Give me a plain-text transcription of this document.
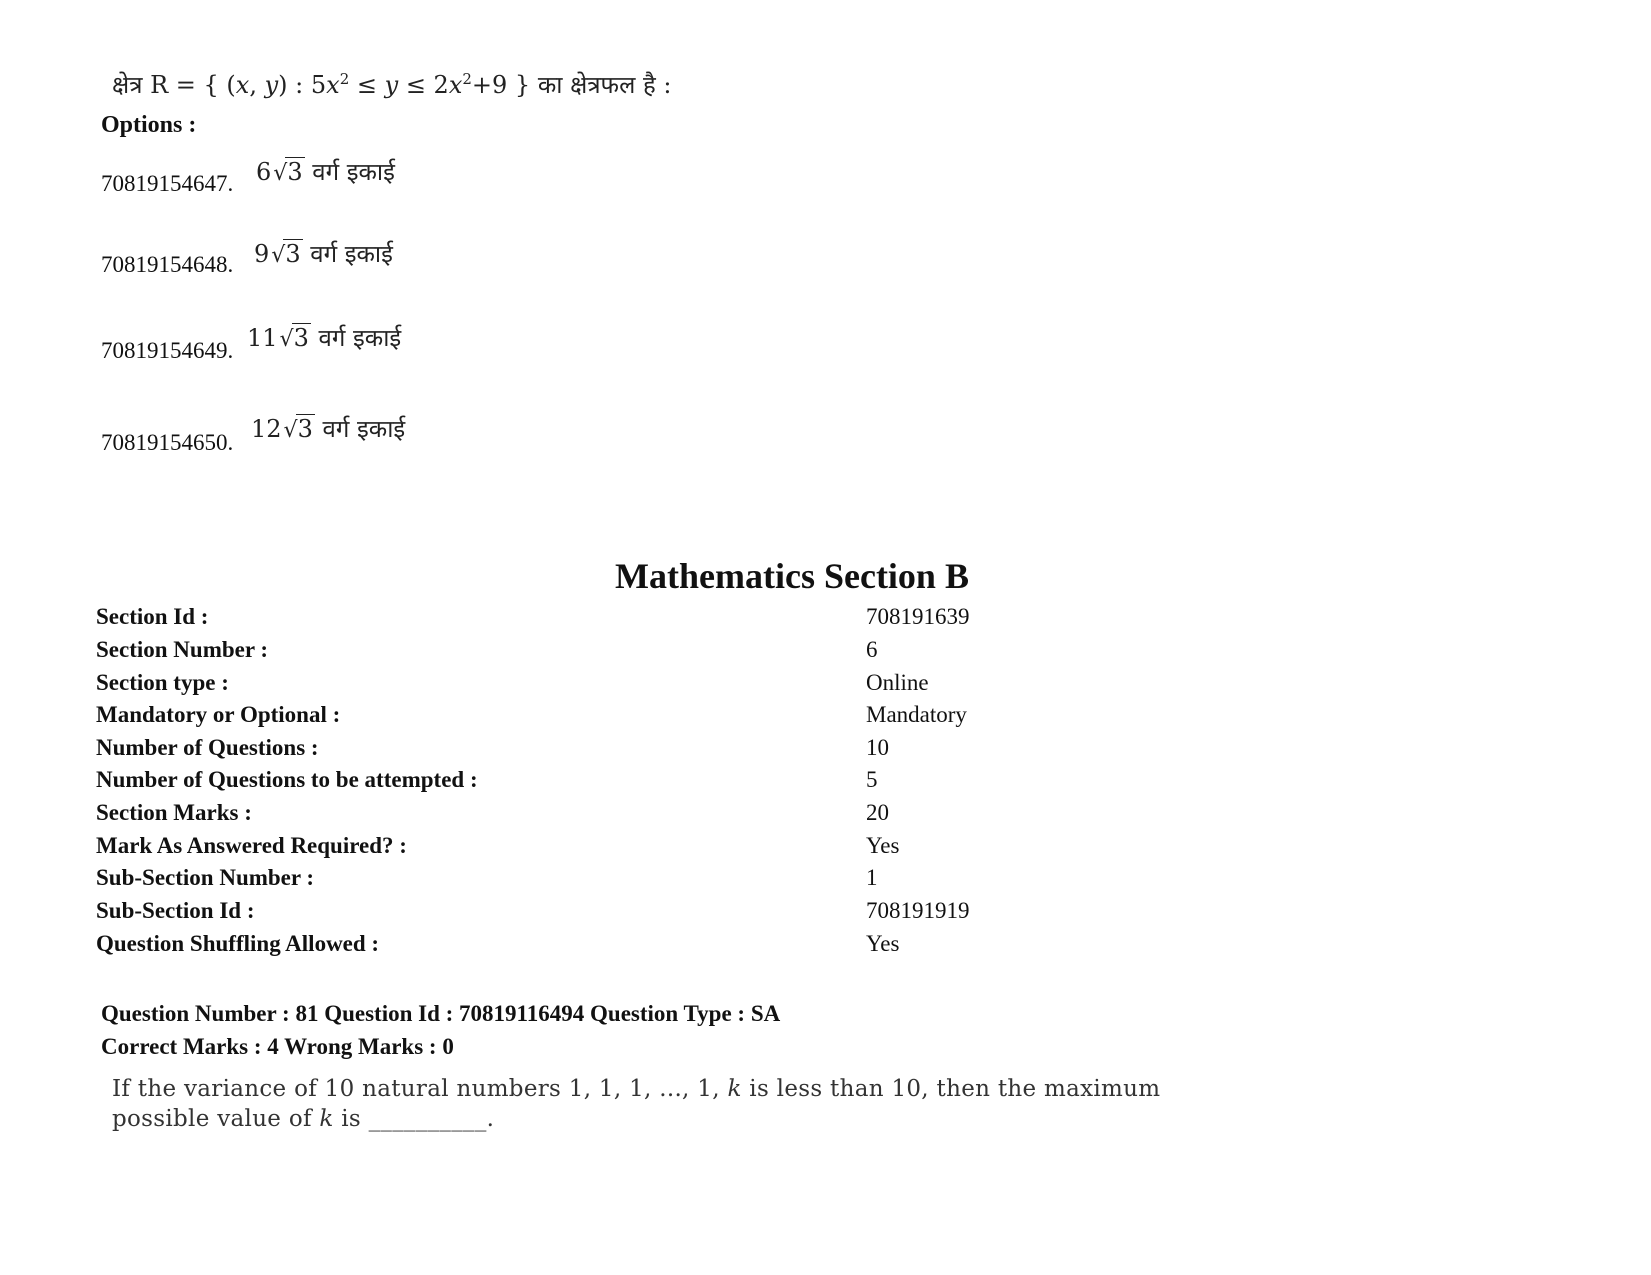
क्षेत्र R = { (x, y) : $5x^2 \le y \le 2x^2+9$ } का क्षेत्रफल है :
Options :
70819154647. 6√3 वर्ग इकाई
70819154648. 9√3 वर्ग इकाई
70819154649. 11√3 वर्ग इकाई
70819154650. 12√3 वर्ग इकाई
Mathematics Section B
Section Id :	708191639
Section Number :	6
Section type :	Online
Mandatory or Optional :	Mandatory
Number of Questions :	10
Number of Questions to be attempted :	5
Section Marks :	20
Mark As Answered Required? :	Yes
Sub-Section Number :	1
Sub-Section Id :	708191919
Question Shuffling Allowed :	Yes
Question Number : 81 Question Id : 70819116494 Question Type : SA
Correct Marks : 4 Wrong Marks : 0
If the variance of 10 natural numbers 1, 1, 1, ..., 1, k is less than 10, then the maximum
possible value of k is __________.
